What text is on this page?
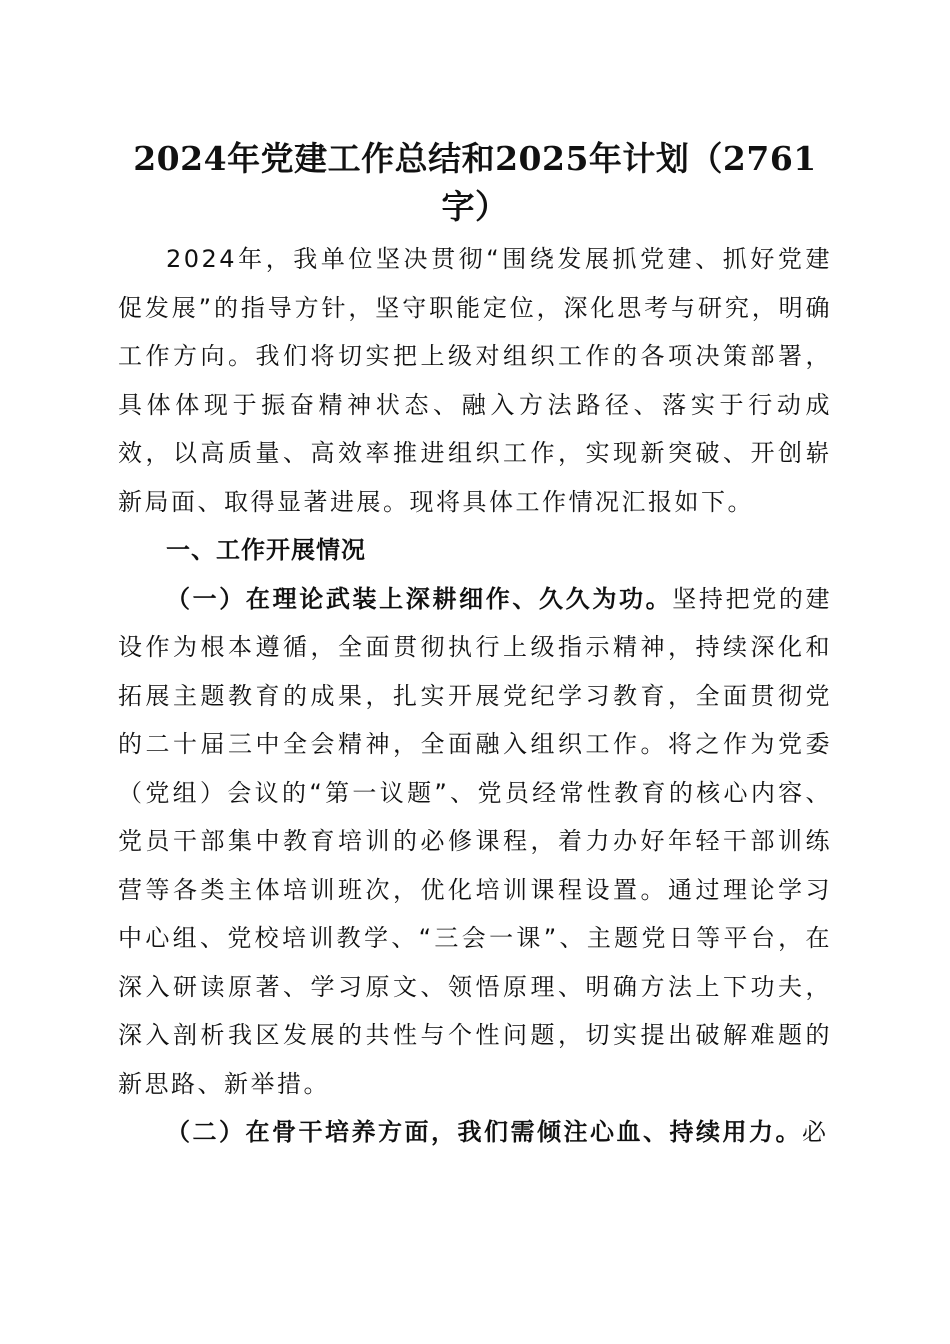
2024年党建工作总结和2025年计划（2761字）

2024年，我单位坚决贯彻“围绕发展抓党建、抓好党建促发展”的指导方针，坚守职能定位，深化思考与研究，明确工作方向。我们将切实把上级对组织工作的各项决策部署，具体体现于振奋精神状态、融入方法路径、落实于行动成效，以高质量、高效率推进组织工作，实现新突破、开创崭新局面、取得显著进展。现将具体工作情况汇报如下。

一、工作开展情况

（一）在理论武装上深耕细作、久久为功。坚持把党的建设作为根本遵循，全面贯彻执行上级指示精神，持续深化和拓展主题教育的成果，扎实开展党纪学习教育，全面贯彻党的二十届三中全会精神，全面融入组织工作。将之作为党委（党组）会议的“第一议题”、党员经常性教育的核心内容、党员干部集中教育培训的必修课程，着力办好年轻干部训练营等各类主体培训班次，优化培训课程设置。通过理论学习中心组、党校培训教学、“三会一课”、主题党日等平台，在深入研读原著、学习原文、领悟原理、明确方法上下功夫，深入剖析我区发展的共性与个性问题，切实提出破解难题的新思路、新举措。

（二）在骨干培养方面，我们需倾注心血、持续用力。必
